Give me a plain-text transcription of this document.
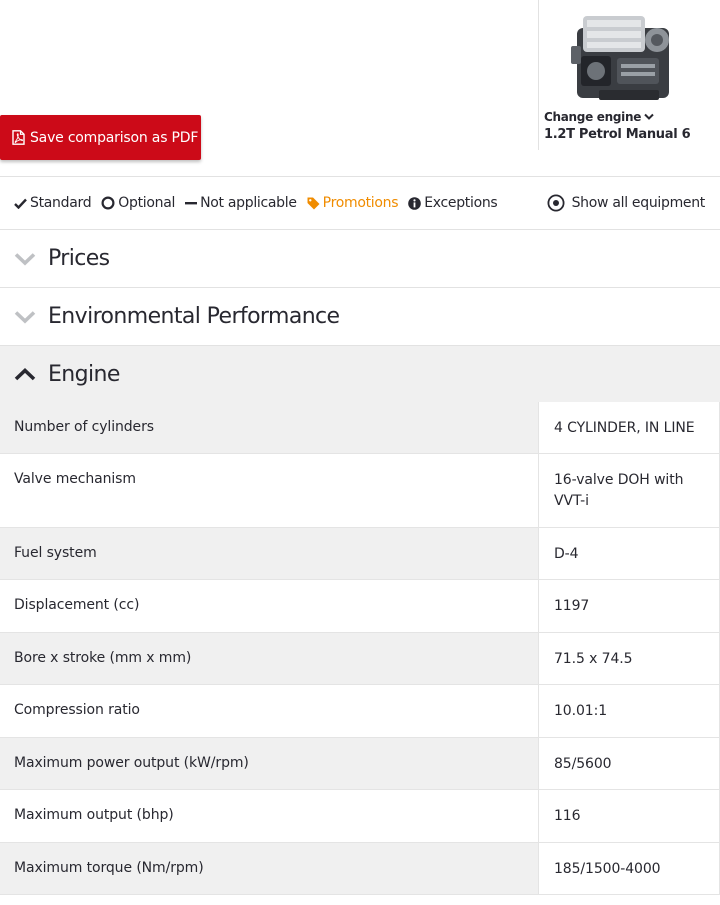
Save comparison as PDF
Change engine
1.2T Petrol Manual 6
Standard Optional Not applicable Promotions Exceptions	Show all equipment
Prices
Environmental Performance
Engine
Number of cylinders	4 CYLINDER, IN LINE
Valve mechanism	16-valve DOH with VVT-i
Fuel system	D-4
Displacement (cc)	1197
Bore x stroke (mm x mm)	71.5 x 74.5
Compression ratio	10.01:1
Maximum power output (kW/rpm)	85/5600
Maximum output (bhp)	116
Maximum torque (Nm/rpm)	185/1500-4000
